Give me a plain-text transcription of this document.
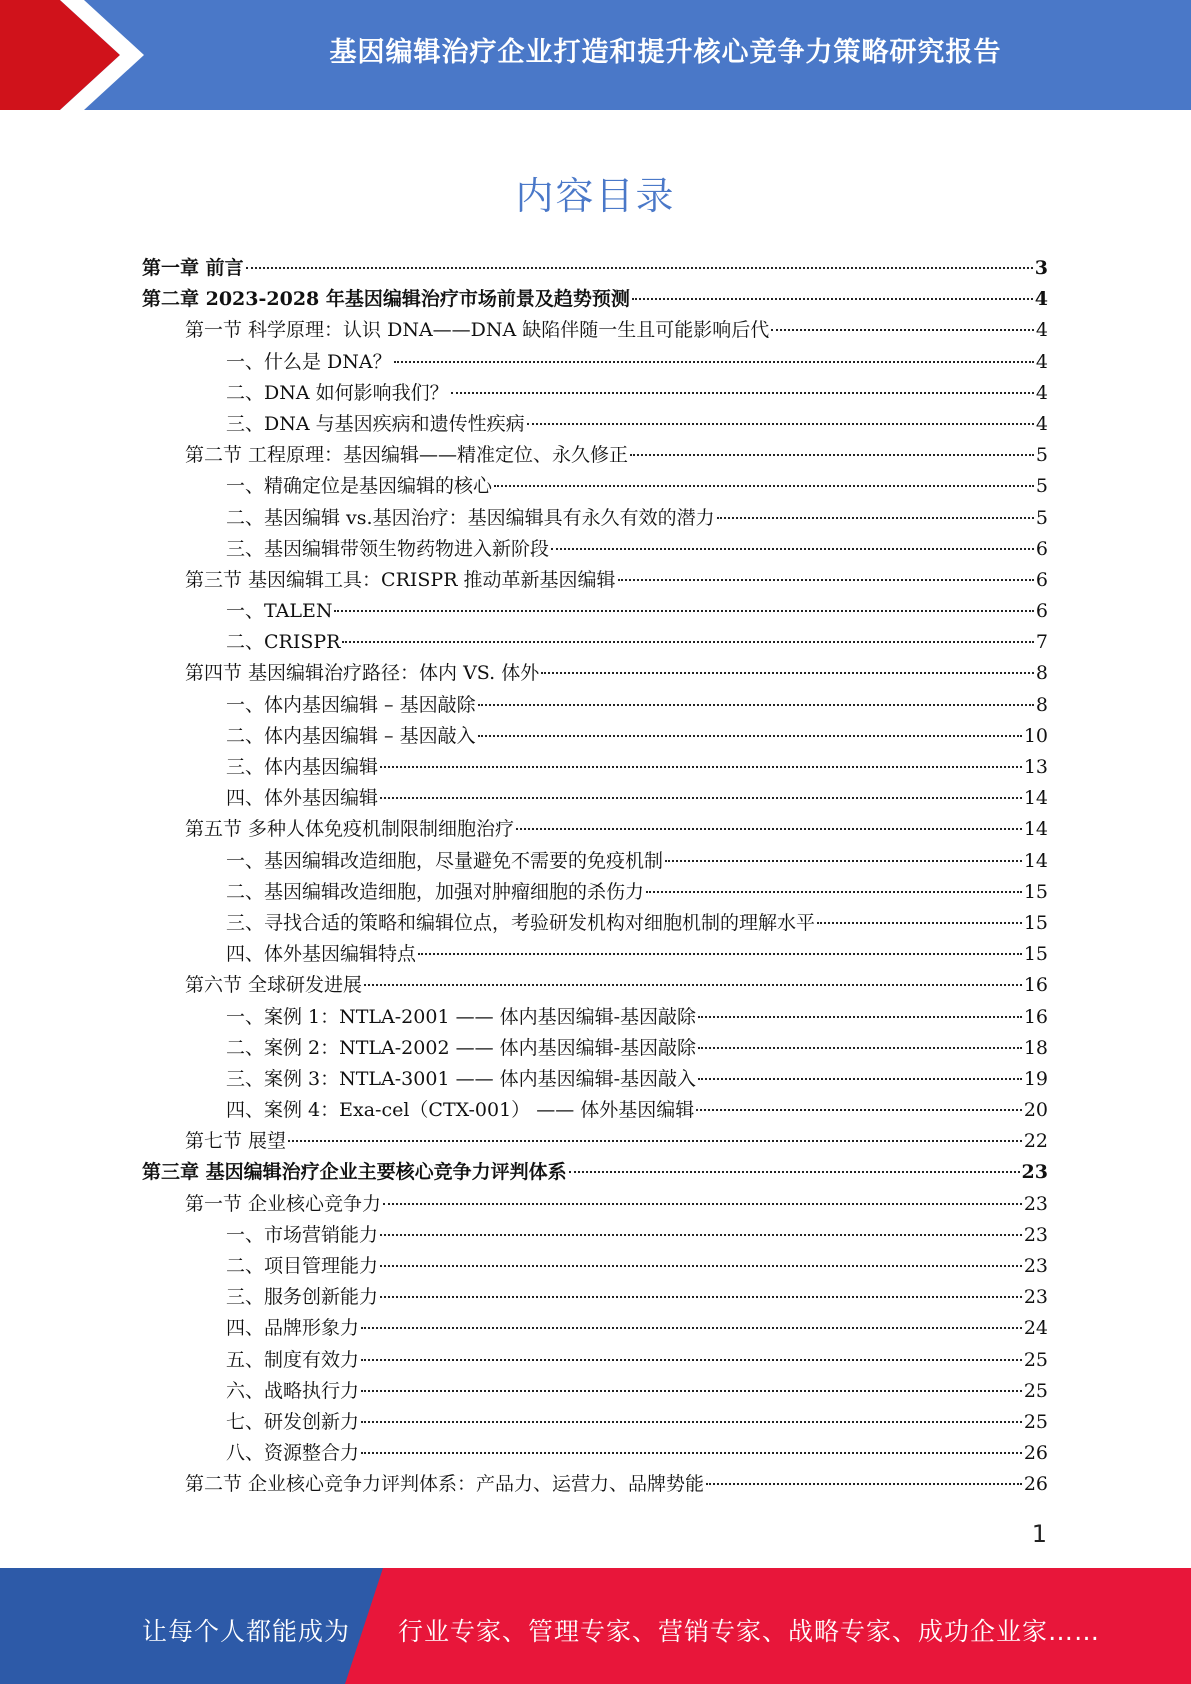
基因编辑治疗企业打造和提升核心竞争力策略研究报告
内容目录
第一章 前言	3
第二章 2023-2028 年基因编辑治疗市场前景及趋势预测	4
第一节 科学原理：认识 DNA——DNA 缺陷伴随一生且可能影响后代	4
一、什么是 DNA？	4
二、DNA 如何影响我们？	4
三、DNA 与基因疾病和遗传性疾病	4
第二节 工程原理：基因编辑——精准定位、永久修正	5
一、精确定位是基因编辑的核心	5
二、基因编辑 vs.基因治疗：基因编辑具有永久有效的潜力	5
三、基因编辑带领生物药物进入新阶段	6
第三节 基因编辑工具：CRISPR 推动革新基因编辑	6
一、TALEN	6
二、CRISPR	7
第四节 基因编辑治疗路径：体内 VS. 体外	8
一、体内基因编辑 – 基因敲除	8
二、体内基因编辑 – 基因敲入	10
三、体内基因编辑	13
四、体外基因编辑	14
第五节 多种人体免疫机制限制细胞治疗	14
一、基因编辑改造细胞，尽量避免不需要的免疫机制	14
二、基因编辑改造细胞，加强对肿瘤细胞的杀伤力	15
三、寻找合适的策略和编辑位点，考验研发机构对细胞机制的理解水平	15
四、体外基因编辑特点	15
第六节 全球研发进展	16
一、案例 1：NTLA-2001 —— 体内基因编辑-基因敲除	16
二、案例 2：NTLA-2002 —— 体内基因编辑-基因敲除	18
三、案例 3：NTLA-3001 —— 体内基因编辑-基因敲入	19
四、案例 4：Exa-cel（CTX-001） —— 体外基因编辑	20
第七节 展望	22
第三章 基因编辑治疗企业主要核心竞争力评判体系	23
第一节 企业核心竞争力	23
一、市场营销能力	23
二、项目管理能力	23
三、服务创新能力	23
四、品牌形象力	24
五、制度有效力	25
六、战略执行力	25
七、研发创新力	25
八、资源整合力	26
第二节 企业核心竞争力评判体系：产品力、运营力、品牌势能	26
1
让每个人都能成为 行业专家、管理专家、营销专家、战略专家、成功企业家……
